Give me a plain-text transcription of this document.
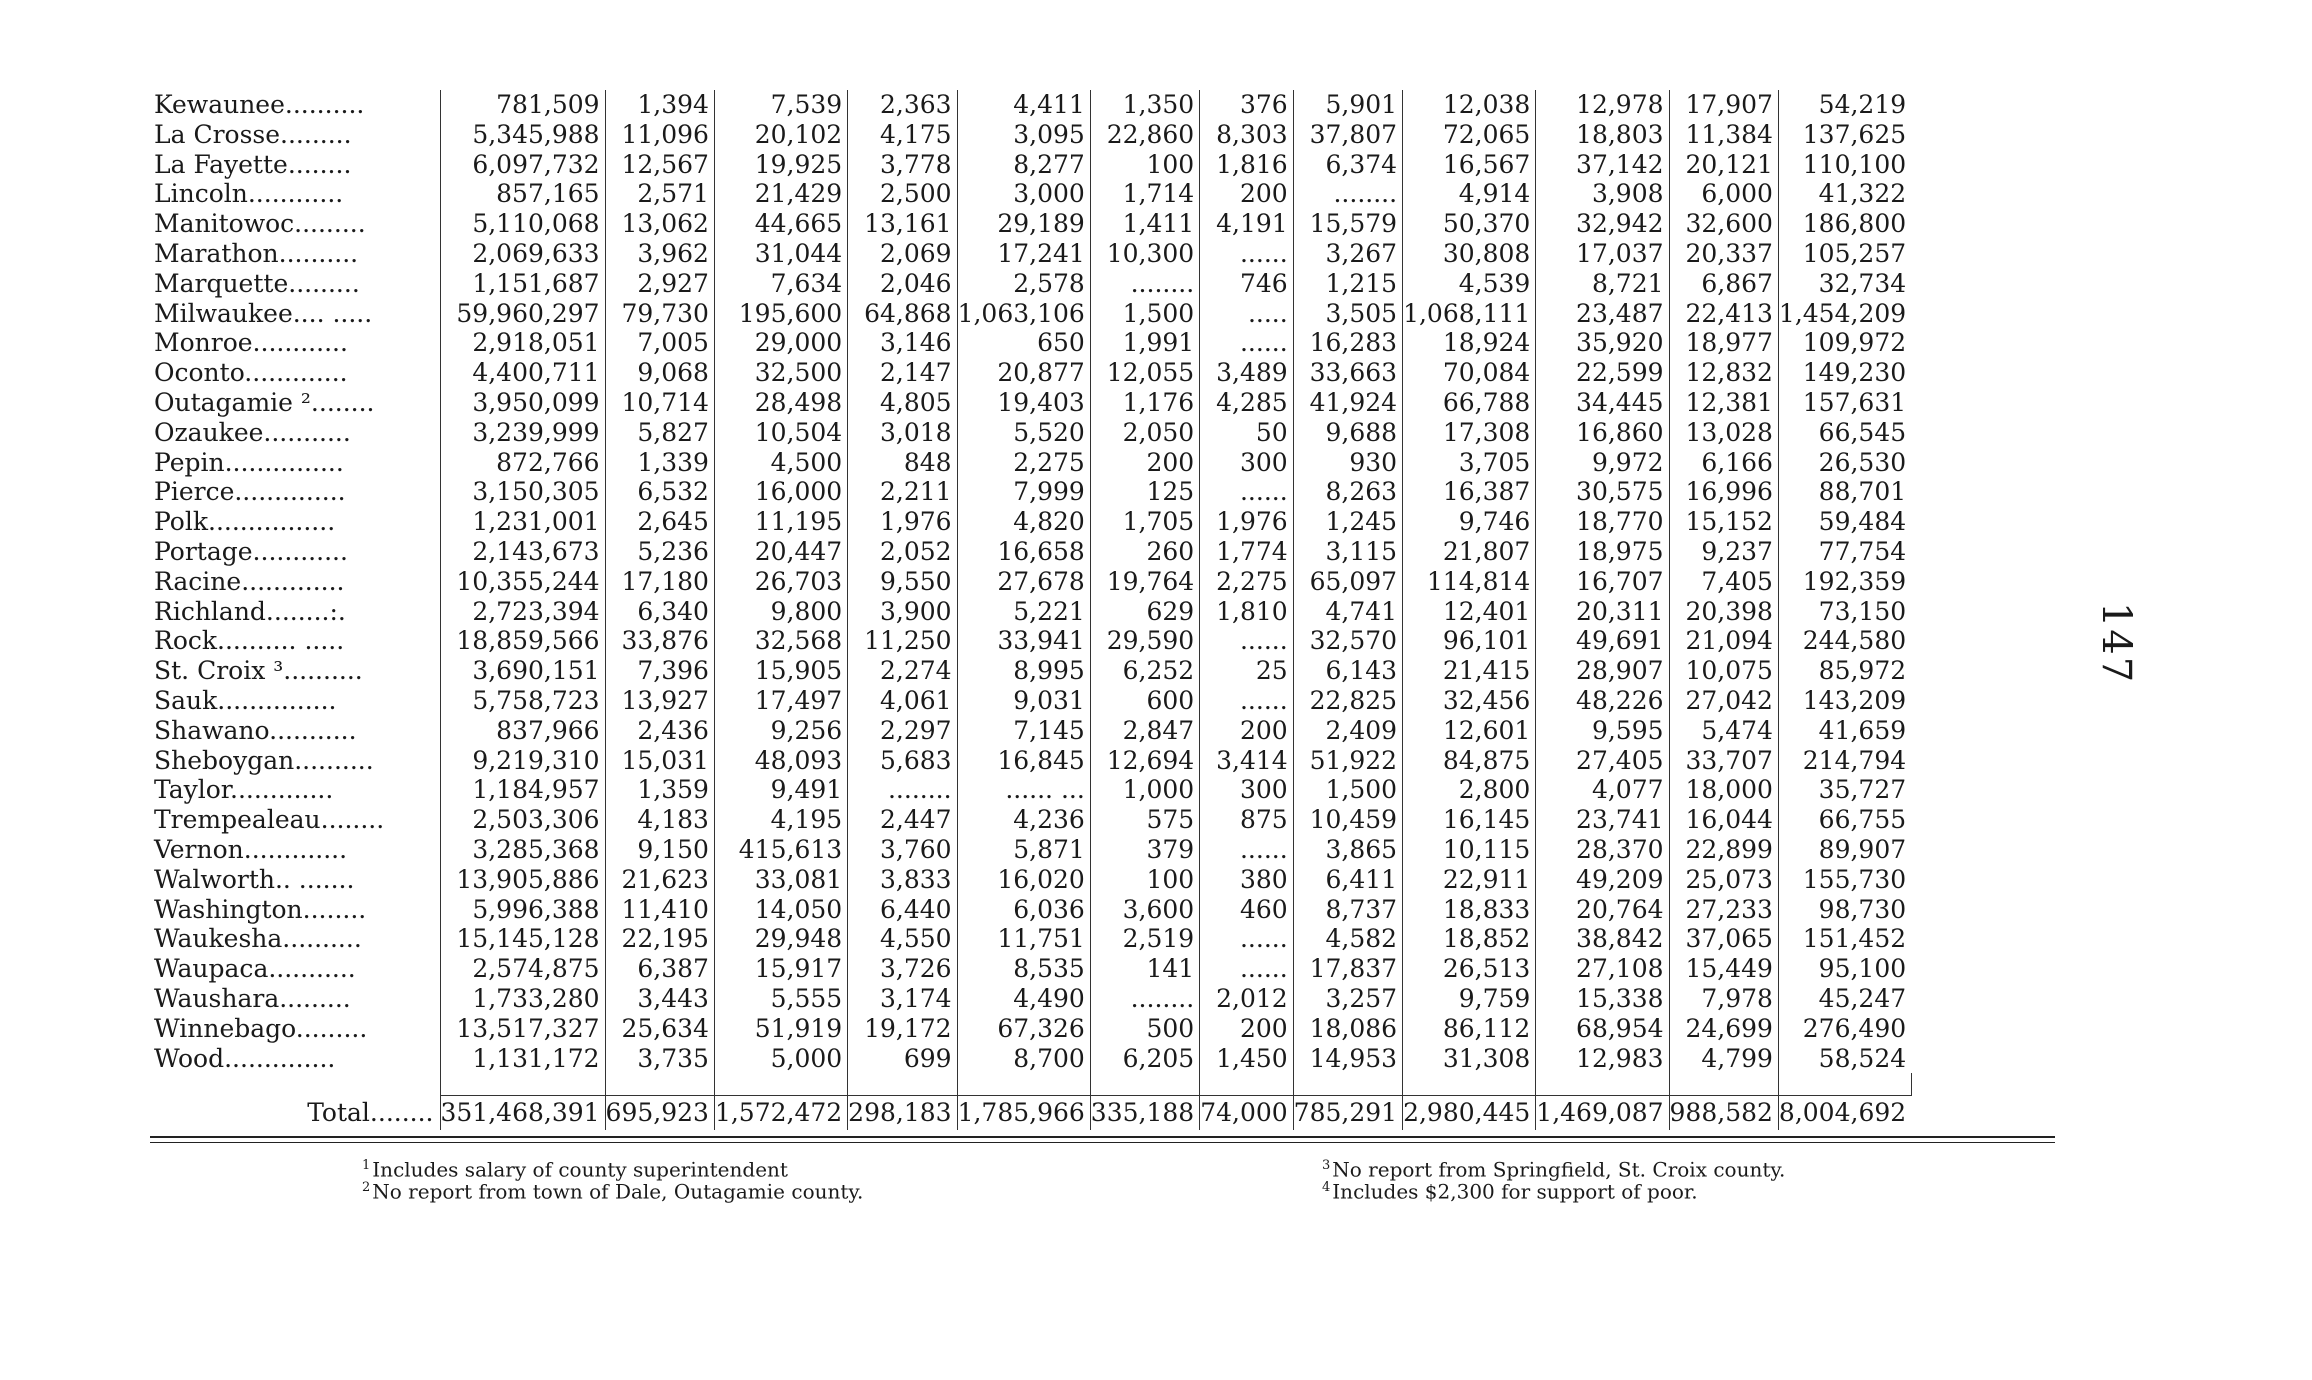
Kewaunee..........	781,509	1,394	7,539	2,363	4,411	1,350	376	5,901	12,038	12,978	17,907	54,219
La Crosse.........	5,345,988	11,096	20,102	4,175	3,095	22,860	8,303	37,807	72,065	18,803	11,384	137,625
La Fayette........	6,097,732	12,567	19,925	3,778	8,277	100	1,816	6,374	16,567	37,142	20,121	110,100
Lincoln............	857,165	2,571	21,429	2,500	3,000	1,714	200	........	4,914	3,908	6,000	41,322
Manitowoc.........	5,110,068	13,062	44,665	13,161	29,189	1,411	4,191	15,579	50,370	32,942	32,600	186,800
Marathon..........	2,069,633	3,962	31,044	2,069	17,241	10,300	......	3,267	30,808	17,037	20,337	105,257
Marquette.........	1,151,687	2,927	7,634	2,046	2,578	........	746	1,215	4,539	8,721	6,867	32,734
Milwaukee.... .....	59,960,297	79,730	195,600	64,868	1,063,106	1,500	.....	3,505	1,068,111	23,487	22,413	1,454,209
Monroe............	2,918,051	7,005	29,000	3,146	650	1,991	......	16,283	18,924	35,920	18,977	109,972
Oconto.............	4,400,711	9,068	32,500	2,147	20,877	12,055	3,489	33,663	70,084	22,599	12,832	149,230
Outagamie ²........	3,950,099	10,714	28,498	4,805	19,403	1,176	4,285	41,924	66,788	34,445	12,381	157,631
Ozaukee...........	3,239,999	5,827	10,504	3,018	5,520	2,050	50	9,688	17,308	16,860	13,028	66,545
Pepin...............	872,766	1,339	4,500	848	2,275	200	300	930	3,705	9,972	6,166	26,530
Pierce..............	3,150,305	6,532	16,000	2,211	7,999	125	......	8,263	16,387	30,575	16,996	88,701
Polk................	1,231,001	2,645	11,195	1,976	4,820	1,705	1,976	1,245	9,746	18,770	15,152	59,484
Portage............	2,143,673	5,236	20,447	2,052	16,658	260	1,774	3,115	21,807	18,975	9,237	77,754
Racine.............	10,355,244	17,180	26,703	9,550	27,678	19,764	2,275	65,097	114,814	16,707	7,405	192,359
Richland........:.	2,723,394	6,340	9,800	3,900	5,221	629	1,810	4,741	12,401	20,311	20,398	73,150
Rock.......... .....	18,859,566	33,876	32,568	11,250	33,941	29,590	......	32,570	96,101	49,691	21,094	244,580
St. Croix ³..........	3,690,151	7,396	15,905	2,274	8,995	6,252	25	6,143	21,415	28,907	10,075	85,972
Sauk...............	5,758,723	13,927	17,497	4,061	9,031	600	......	22,825	32,456	48,226	27,042	143,209
Shawano...........	837,966	2,436	9,256	2,297	7,145	2,847	200	2,409	12,601	9,595	5,474	41,659
Sheboygan..........	9,219,310	15,031	48,093	5,683	16,845	12,694	3,414	51,922	84,875	27,405	33,707	214,794
Taylor.............	1,184,957	1,359	9,491	........	...... ...	1,000	300	1,500	2,800	4,077	18,000	35,727
Trempealeau........	2,503,306	4,183	4,195	2,447	4,236	575	875	10,459	16,145	23,741	16,044	66,755
Vernon.............	3,285,368	9,150	415,613	3,760	5,871	379	......	3,865	10,115	28,370	22,899	89,907
Walworth.. .......	13,905,886	21,623	33,081	3,833	16,020	100	380	6,411	22,911	49,209	25,073	155,730
Washington........	5,996,388	11,410	14,050	6,440	6,036	3,600	460	8,737	18,833	20,764	27,233	98,730
Waukesha..........	15,145,128	22,195	29,948	4,550	11,751	2,519	......	4,582	18,852	38,842	37,065	151,452
Waupaca...........	2,574,875	6,387	15,917	3,726	8,535	141	......	17,837	26,513	27,108	15,449	95,100
Waushara.........	1,733,280	3,443	5,555	3,174	4,490	........	2,012	3,257	9,759	15,338	7,978	45,247
Winnebago.........	13,517,327	25,634	51,919	19,172	67,326	500	200	18,086	86,112	68,954	24,699	276,490
Wood..............	1,131,172	3,735	5,000	699	8,700	6,205	1,450	14,953	31,308	12,983	4,799	58,524

Total........	351,468,391	695,923	1,572,472	298,183	1,785,966	335,188	74,000	785,291	2,980,445	1,469,087	988,582	8,004,692
$^1$ Includes salary of county superintendent
$^2$ No report from town of Dale, Outagamie county.
$^3$ No report from Springfield, St. Croix county.
$^4$ Includes $2,300 for support of poor.
147
